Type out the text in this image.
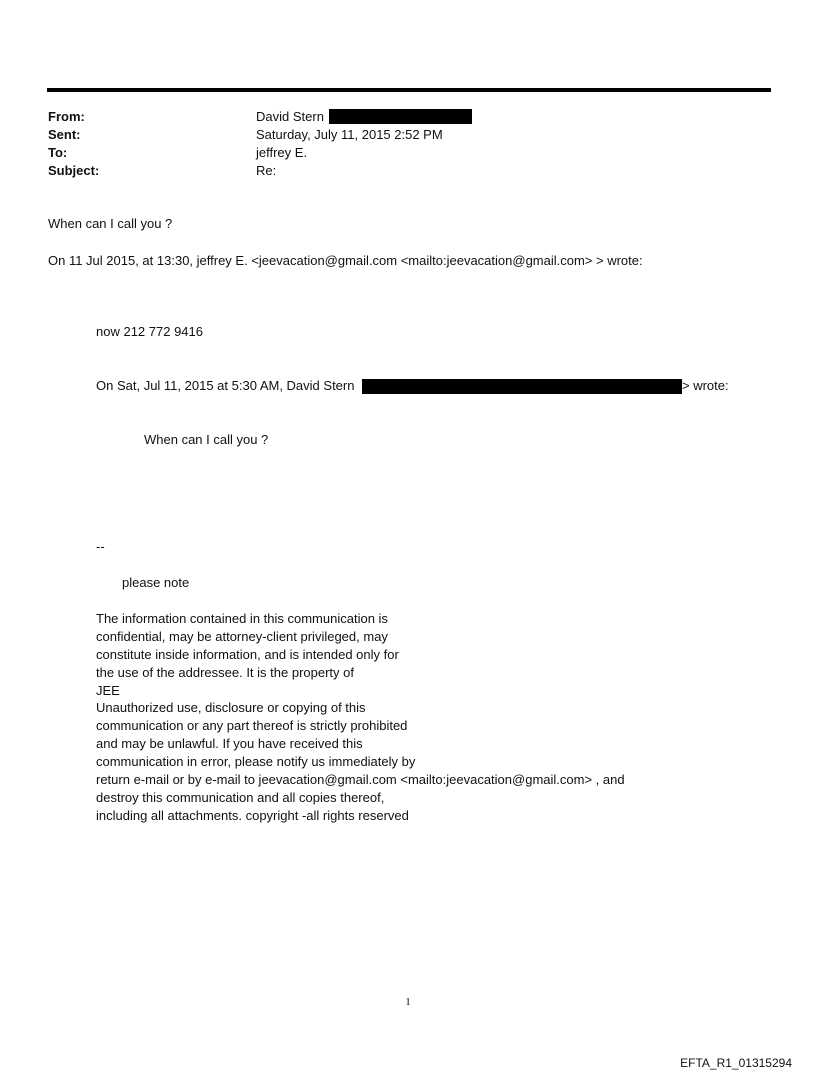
From:	David Stern
Sent:	Saturday, July 11, 2015 2:52 PM
To:	jeffrey E.
Subject:	Re:
When can I call you ?
On 11 Jul 2015, at 13:30, jeffrey E. <jeevacation@gmail.com <mailto:jeevacation@gmail.com> > wrote:
now 212 772 9416
On Sat, Jul 11, 2015 at 5:30 AM, David Stern	> wrote:
When can I call you ?
--
please note
The information contained in this communication is
confidential, may be attorney-client privileged, may
constitute inside information, and is intended only for
the use of the addressee. It is the property of
JEE
Unauthorized use, disclosure or copying of this
communication or any part thereof is strictly prohibited
and may be unlawful. If you have received this
communication in error, please notify us immediately by
return e-mail or by e-mail to jeevacation@gmail.com <mailto:jeevacation@gmail.com> , and
destroy this communication and all copies thereof,
including all attachments. copyright -all rights reserved
1
EFTA_R1_01315294
